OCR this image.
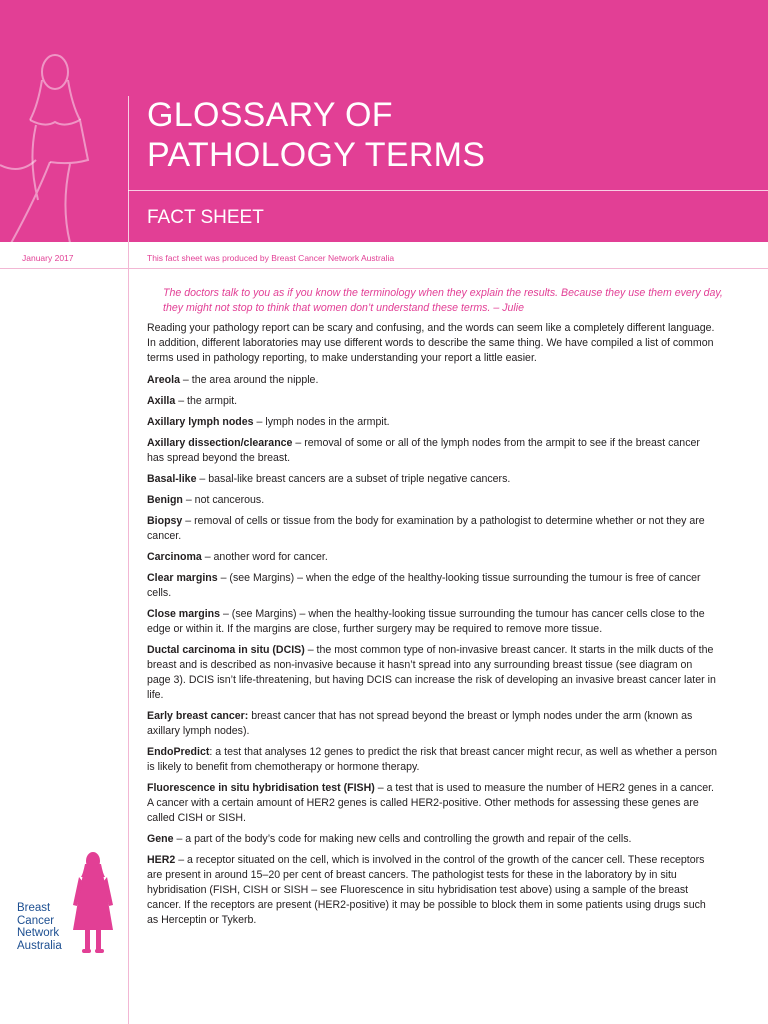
GLOSSARY OF
PATHOLOGY TERMS
FACT SHEET
January 2017	This fact sheet was produced by Breast Cancer Network Australia

The doctors talk to you as if you know the terminology when they explain the results. Because they use them every day, they might not stop to think that women don’t understand these terms. – Julie

Reading your pathology report can be scary and confusing, and the words can seem like a completely different language. In addition, different laboratories may use different words to describe the same thing. We have compiled a list of common terms used in pathology reporting, to make understanding your report a little easier.

Areola – the area around the nipple.

Axilla – the armpit.

Axillary lymph nodes – lymph nodes in the armpit.

Axillary dissection/clearance – removal of some or all of the lymph nodes from the armpit to see if the breast cancer has spread beyond the breast.

Basal-like – basal-like breast cancers are a subset of triple negative cancers.

Benign – not cancerous.

Biopsy – removal of cells or tissue from the body for examination by a pathologist to determine whether or not they are cancer.

Carcinoma – another word for cancer.

Clear margins – (see Margins) – when the edge of the healthy-looking tissue surrounding the tumour is free of cancer cells.

Close margins – (see Margins) – when the healthy-looking tissue surrounding the tumour has cancer cells close to the edge or within it. If the margins are close, further surgery may be required to remove more tissue.

Ductal carcinoma in situ (DCIS) – the most common type of non-invasive breast cancer. It starts in the milk ducts of the breast and is described as non-invasive because it hasn’t spread into any surrounding breast tissue (see diagram on page 3). DCIS isn’t life-threatening, but having DCIS can increase the risk of developing an invasive breast cancer later in life.

Early breast cancer: breast cancer that has not spread beyond the breast or lymph nodes under the arm (known as axillary lymph nodes).

EndoPredict: a test that analyses 12 genes to predict the risk that breast cancer might recur, as well as whether a person is likely to benefit from chemotherapy or hormone therapy.

Fluorescence in situ hybridisation test (FISH) – a test that is used to measure the number of HER2 genes in a cancer. A cancer with a certain amount of HER2 genes is called HER2-positive. Other methods for assessing these genes are called CISH or SISH.

Gene – a part of the body’s code for making new cells and controlling the growth and repair of the cells.

HER2 – a receptor situated on the cell, which is involved in the control of the growth of the cancer cell. These receptors are present in around 15–20 per cent of breast cancers. The pathologist tests for these in the laboratory by in situ hybridisation (FISH, CISH or SISH – see Fluorescence in situ hybridisation test above) using a sample of the breast cancer. If the receptors are present (HER2-positive) it may be possible to block them in some patients using drugs such as Herceptin or Tykerb.

Breast
Cancer
Network
Australia
